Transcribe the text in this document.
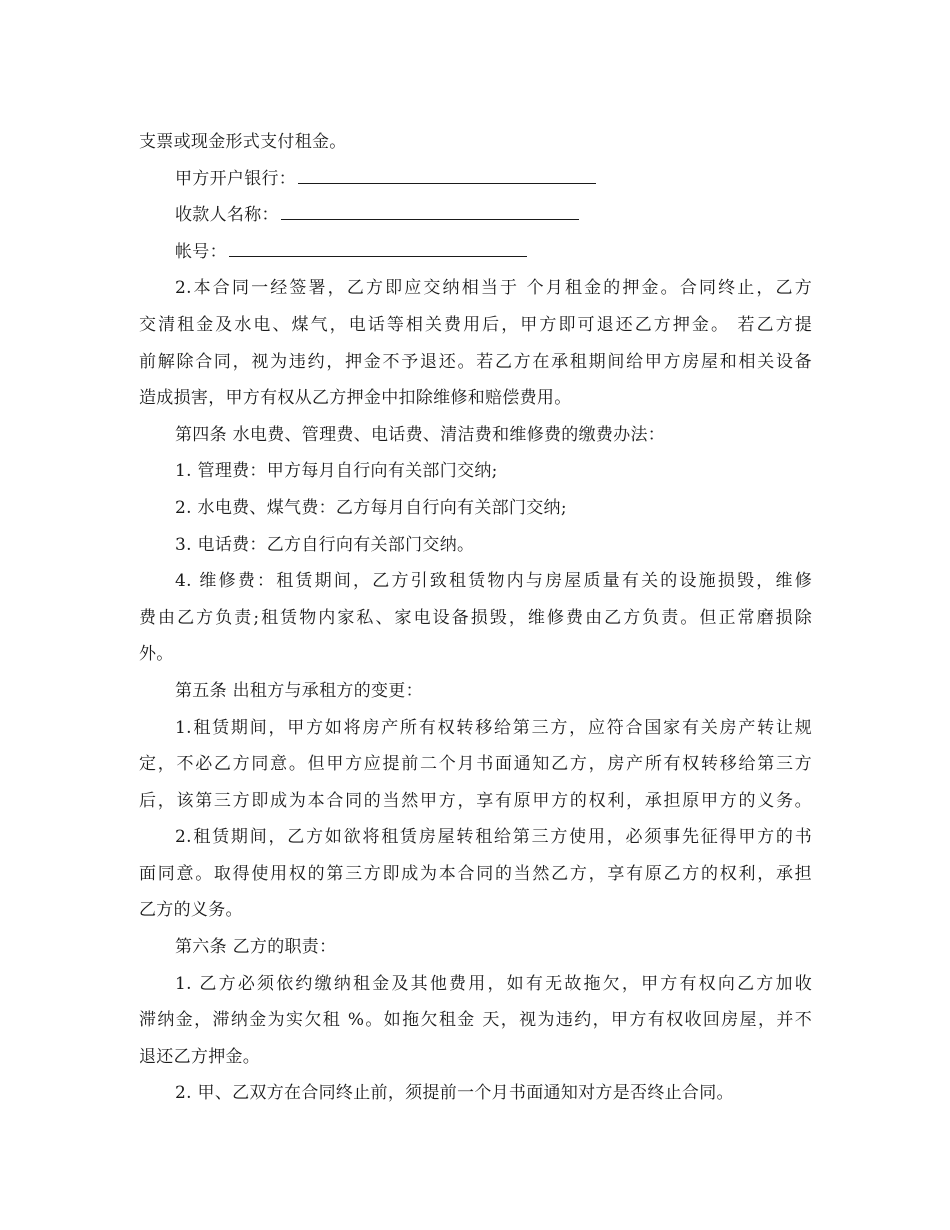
支票或现金形式支付租金。
甲方开户银行：
收款人名称：
帐号：
2.本合同一经签署，乙方即应交纳相当于 个月租金的押金。合同终止，乙方
交清租金及水电、煤气，电话等相关费用后，甲方即可退还乙方押金。 若乙方提
前解除合同，视为违约，押金不予退还。若乙方在承租期间给甲方房屋和相关设备
造成损害，甲方有权从乙方押金中扣除维修和赔偿费用。
第四条 水电费、管理费、电话费、清洁费和维修费的缴费办法：
1. 管理费：甲方每月自行向有关部门交纳;
2. 水电费、煤气费：乙方每月自行向有关部门交纳;
3. 电话费：乙方自行向有关部门交纳。
4. 维修费：租赁期间，乙方引致租赁物内与房屋质量有关的设施损毁，维修
费由乙方负责;租赁物内家私、家电设备损毁，维修费由乙方负责。但正常磨损除
外。
第五条 出租方与承租方的变更：
1.租赁期间，甲方如将房产所有权转移给第三方，应符合国家有关房产转让规
定，不必乙方同意。但甲方应提前二个月书面通知乙方，房产所有权转移给第三方
后，该第三方即成为本合同的当然甲方，享有原甲方的权利，承担原甲方的义务。
2.租赁期间，乙方如欲将租赁房屋转租给第三方使用，必须事先征得甲方的书
面同意。取得使用权的第三方即成为本合同的当然乙方，享有原乙方的权利，承担
乙方的义务。
第六条 乙方的职责：
1. 乙方必须依约缴纳租金及其他费用，如有无故拖欠，甲方有权向乙方加收
滞纳金，滞纳金为实欠租 %。如拖欠租金 天，视为违约，甲方有权收回房屋，并不
退还乙方押金。
2. 甲、乙双方在合同终止前，须提前一个月书面通知对方是否终止合同。
